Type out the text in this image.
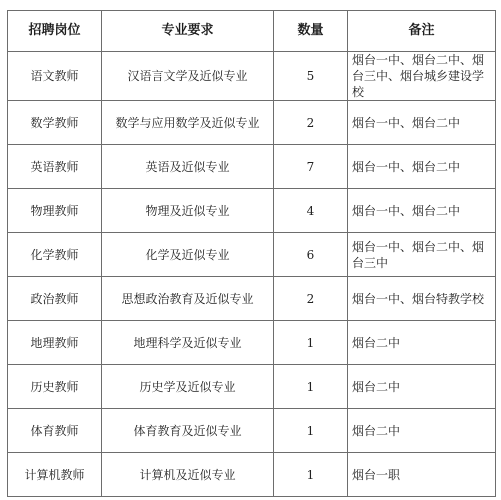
招聘岗位	专业要求	数量	备注
语文教师	汉语言文学及近似专业	5	烟台一中、烟台二中、烟台三中、烟台城乡建设学校
数学教师	数学与应用数学及近似专业	2	烟台一中、烟台二中
英语教师	英语及近似专业	7	烟台一中、烟台二中
物理教师	物理及近似专业	4	烟台一中、烟台二中
化学教师	化学及近似专业	6	烟台一中、烟台二中、烟台三中
政治教师	思想政治教育及近似专业	2	烟台一中、烟台特教学校
地理教师	地理科学及近似专业	1	烟台二中
历史教师	历史学及近似专业	1	烟台二中
体育教师	体育教育及近似专业	1	烟台二中
计算机教师	计算机及近似专业	1	烟台一职
